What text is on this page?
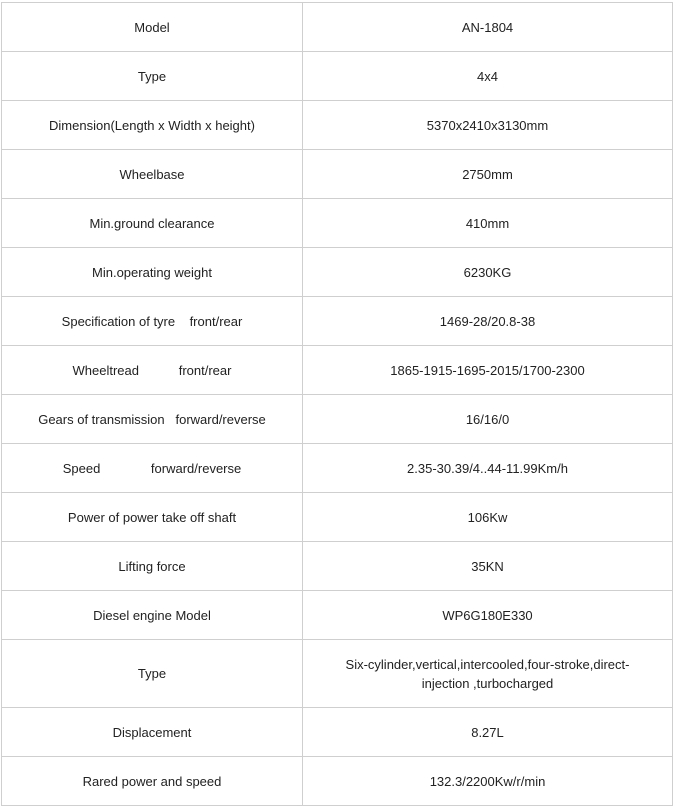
Model	AN-1804
Type	4x4
Dimension(Length x Width x height)	5370x2410x3130mm
Wheelbase	2750mm
Min.ground clearance	410mm
Min.operating weight	6230KG
Specification of tyre    front/rear	1469-28/20.8-38
Wheeltread           front/rear	1865-1915-1695-2015/1700-2300
Gears of transmission   forward/reverse	16/16/0
Speed              forward/reverse	2.35-30.39/4..44-11.99Km/h
Power of power take off shaft	106Kw
Lifting force	35KN
Diesel engine Model	WP6G180E330
Type	Six-cylinder,vertical,intercooled,four-stroke,direct-injection ,turbocharged
Displacement	8.27L
Rared power and speed	132.3/2200Kw/r/min
